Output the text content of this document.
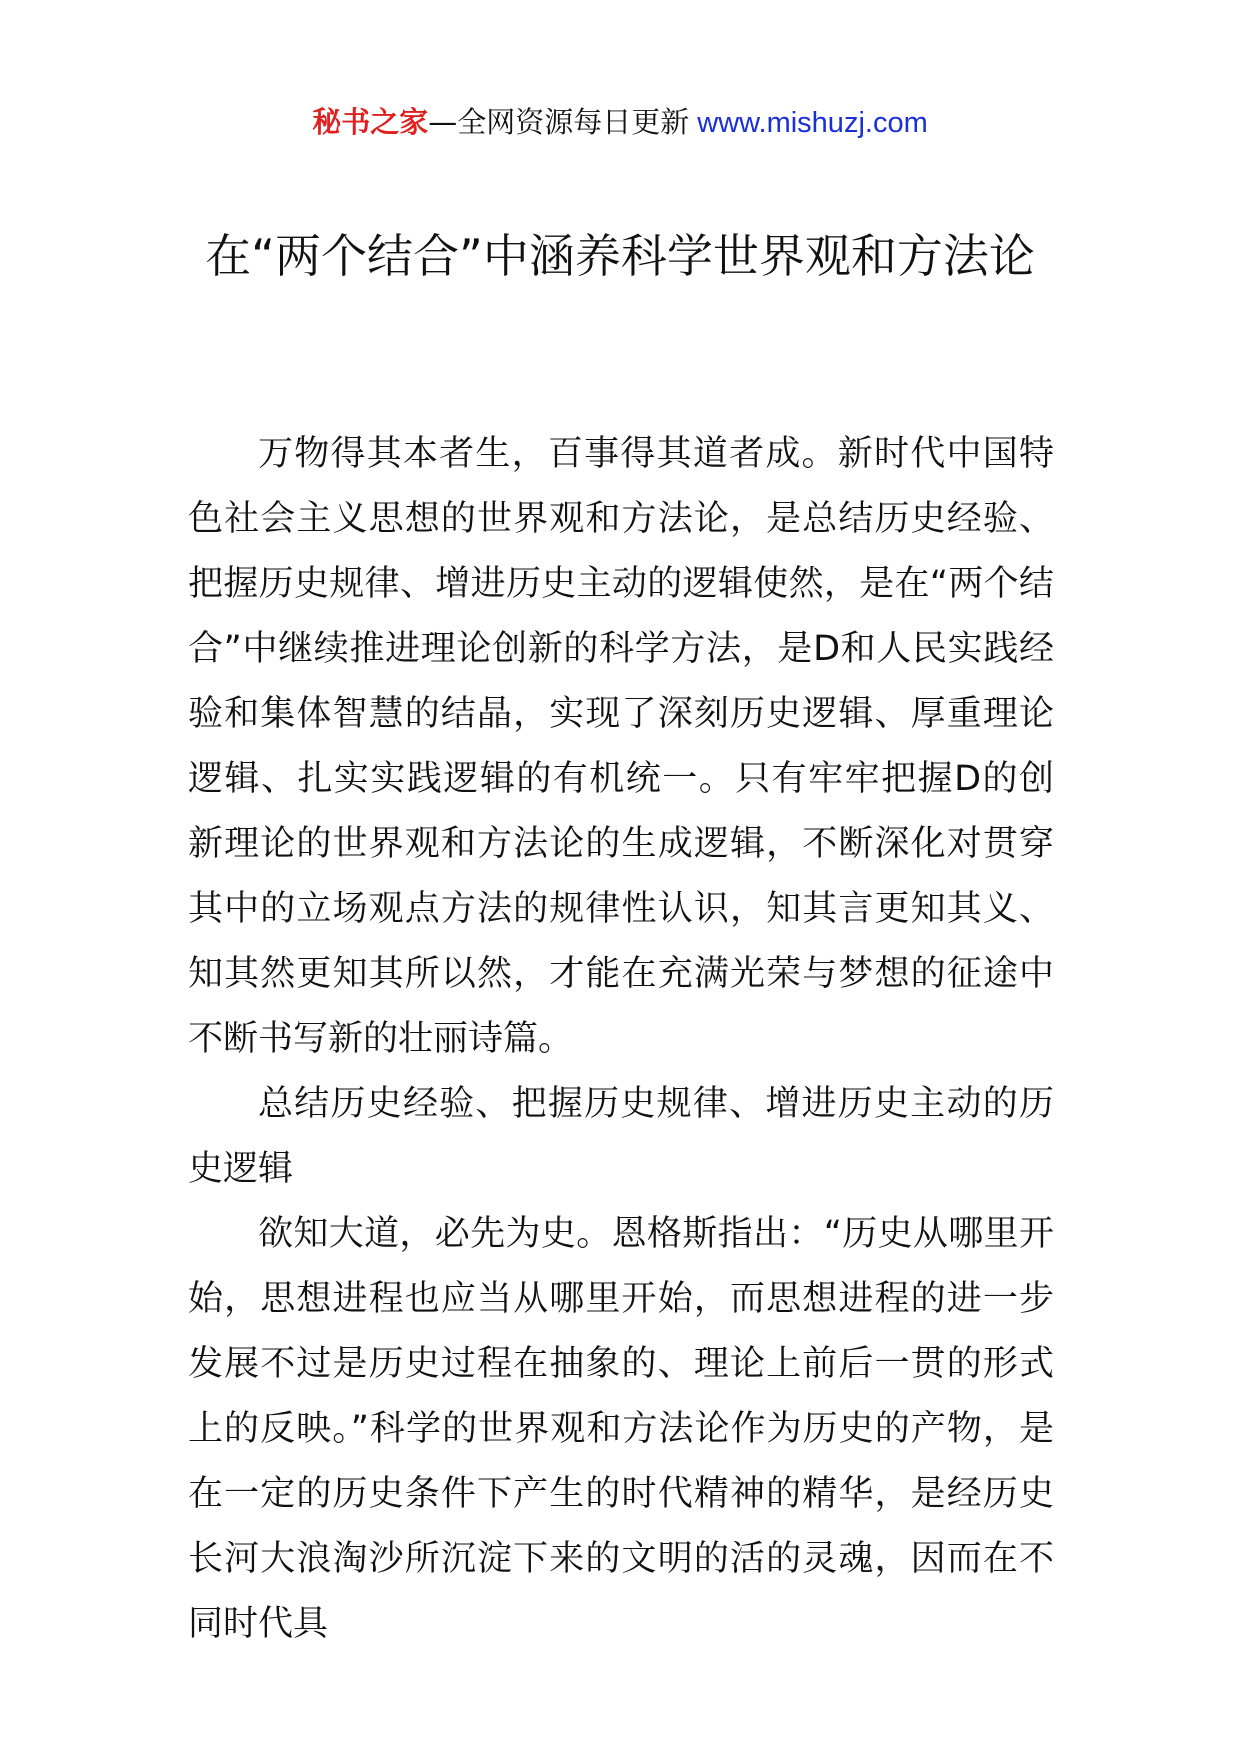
秘书之家—全网资源每日更新 www.mishuzj.com
在“两个结合”中涵养科学世界观和方法论

万物得其本者生，百事得其道者成。新时代中国特色社会主义思想的世界观和方法论，是总结历史经验、把握历史规律、增进历史主动的逻辑使然，是在“两个结合”中继续推进理论创新的科学方法，是D和人民实践经验和集体智慧的结晶，实现了深刻历史逻辑、厚重理论逻辑、扎实实践逻辑的有机统一。只有牢牢把握D的创新理论的世界观和方法论的生成逻辑，不断深化对贯穿其中的立场观点方法的规律性认识，知其言更知其义、知其然更知其所以然，才能在充满光荣与梦想的征途中不断书写新的壮丽诗篇。

总结历史经验、把握历史规律、增进历史主动的历史逻辑

欲知大道，必先为史。恩格斯指出：“历史从哪里开始，思想进程也应当从哪里开始，而思想进程的进一步发展不过是历史过程在抽象的、理论上前后一贯的形式上的反映。”科学的世界观和方法论作为历史的产物，是在一定的历史条件下产生的时代精神的精华，是经历史长河大浪淘沙所沉淀下来的文明的活的灵魂，因而在不同时代具
